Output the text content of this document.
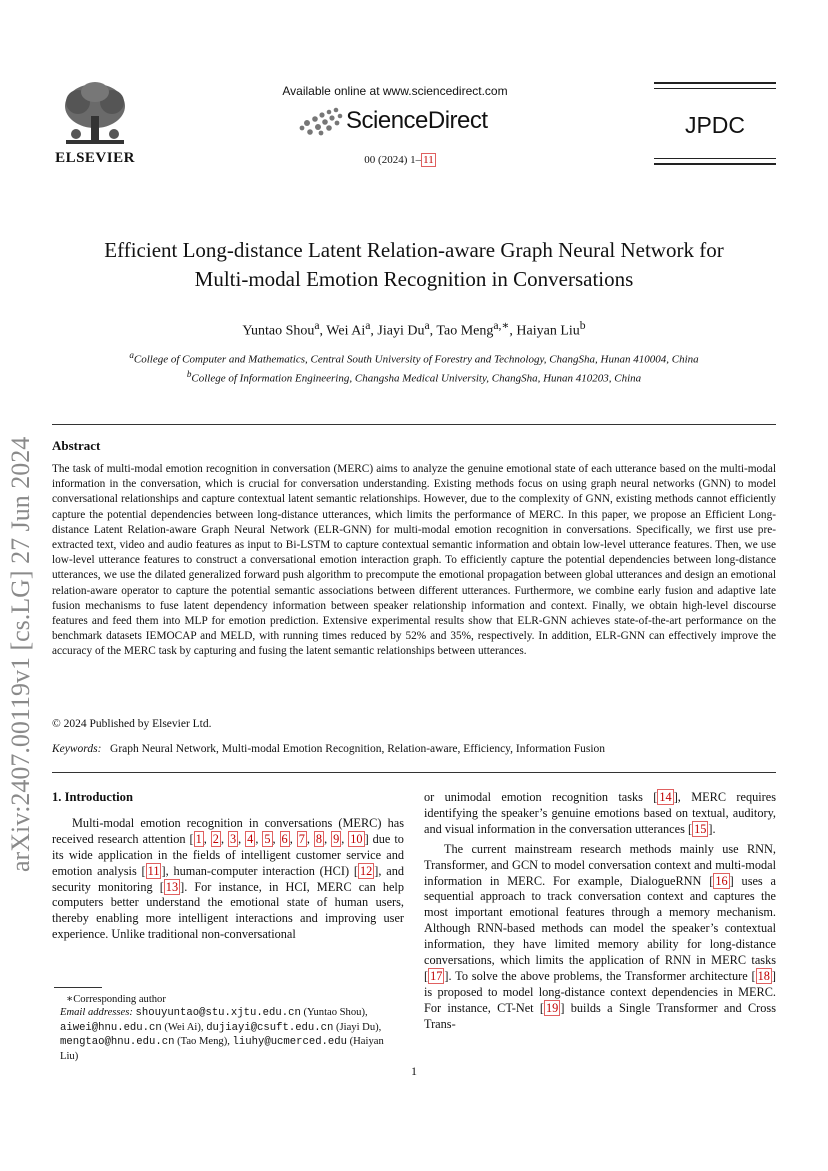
ELSEVIER
Available online at www.sciencedirect.com
ScienceDirect
00 (2024) 1– 11
JPDC
arXiv:2407.00119v1 [cs.LG] 27 Jun 2024
Efficient Long-distance Latent Relation-aware Graph Neural Network for
Multi-modal Emotion Recognition in Conversations
Yuntao Shou$^a$, Wei Ai$^a$, Jiayi Du$^a$, Tao Meng$^{a,∗}$, Haiyan Liu$^b$
$^a$College of Computer and Mathematics, Central South University of Forestry and Technology, ChangSha, Hunan 410004, China
$^b$College of Information Engineering, Changsha Medical University, ChangSha, Hunan 410203, China
Abstract
The task of multi-modal emotion recognition in conversation (MERC) aims to analyze the genuine emotional state of each utterance based on the multi-modal information in the conversation, which is crucial for conversation understanding. Existing methods focus on using graph neural networks (GNN) to model conversational relationships and capture contextual latent semantic relationships. However, due to the complexity of GNN, existing methods cannot efficiently capture the potential dependencies between long-distance utterances, which limits the performance of MERC. In this paper, we propose an Efficient Long-distance Latent Relation-aware Graph Neural Network (ELR-GNN) for multi-modal emotion recognition in conversations. Specifically, we first use pre-extracted text, video and audio features as input to Bi-LSTM to capture contextual semantic information and obtain low-level utterance features. Then, we use low-level utterance features to construct a conversational emotion interaction graph. To efficiently capture the potential dependencies between long-distance utterances, we use the dilated generalized forward push algorithm to precompute the emotional propagation between global utterances and design an emotional relation-aware operator to capture the potential semantic associations between different utterances. Furthermore, we combine early fusion and adaptive late fusion mechanisms to fuse latent dependency information between speaker relationship information and context. Finally, we obtain high-level discourse features and feed them into MLP for emotion prediction. Extensive experimental results show that ELR-GNN achieves state-of-the-art performance on the benchmark datasets IEMOCAP and MELD, with running times reduced by 52% and 35%, respectively. In addition, ELR-GNN can effectively improve the accuracy of the MERC task by capturing and fusing the latent semantic relationships between utterances.
© 2024 Published by Elsevier Ltd.
Keywords: Graph Neural Network, Multi-modal Emotion Recognition, Relation-aware, Efficiency, Information Fusion
1. Introduction

Multi-modal emotion recognition in conversations (MERC) has received research attention [ 1 , 2 , 3 , 4 , 5 , 6 , 7 , 8 , 9 , 10 ] due to its wide application in the fields of intelligent customer service and emotion analysis [ 11 ], human-computer interaction (HCI) [ 12 ], and security monitoring [ 13 ]. For instance, in HCI, MERC can help computers better understand the emotional state of human users, thereby enabling more intelligent interactions and improving user experience. Unlike traditional non-conversational

∗Corresponding author
Email addresses: shouyuntao@stu.xjtu.edu.cn (Yuntao Shou), aiwei@hnu.edu.cn (Wei Ai), dujiayi@csuft.edu.cn (Jiayi Du), mengtao@hnu.edu.cn (Tao Meng), liuhy@ucmerced.edu (Haiyan Liu)

or unimodal emotion recognition tasks [ 14 ], MERC requires identifying the speaker’s genuine emotions based on textual, auditory, and visual information in the conversation utterances [ 15 ].

The current mainstream research methods mainly use RNN, Transformer, and GCN to model conversation context and multi-modal information in MERC. For example, DialogueRNN [ 16 ] uses a sequential approach to track conversation context and captures the most important emotional features through a memory mechanism. Although RNN-based methods can model the speaker’s contextual information, they have limited memory ability for long-distance conversations, which limits the application of RNN in MERC tasks [ 17 ]. To solve the above problems, the Transformer architecture [ 18 ] is proposed to model long-distance context dependencies in MERC. For instance, CT-Net [ 19 ] builds a Single Transformer and Cross Trans-

1
